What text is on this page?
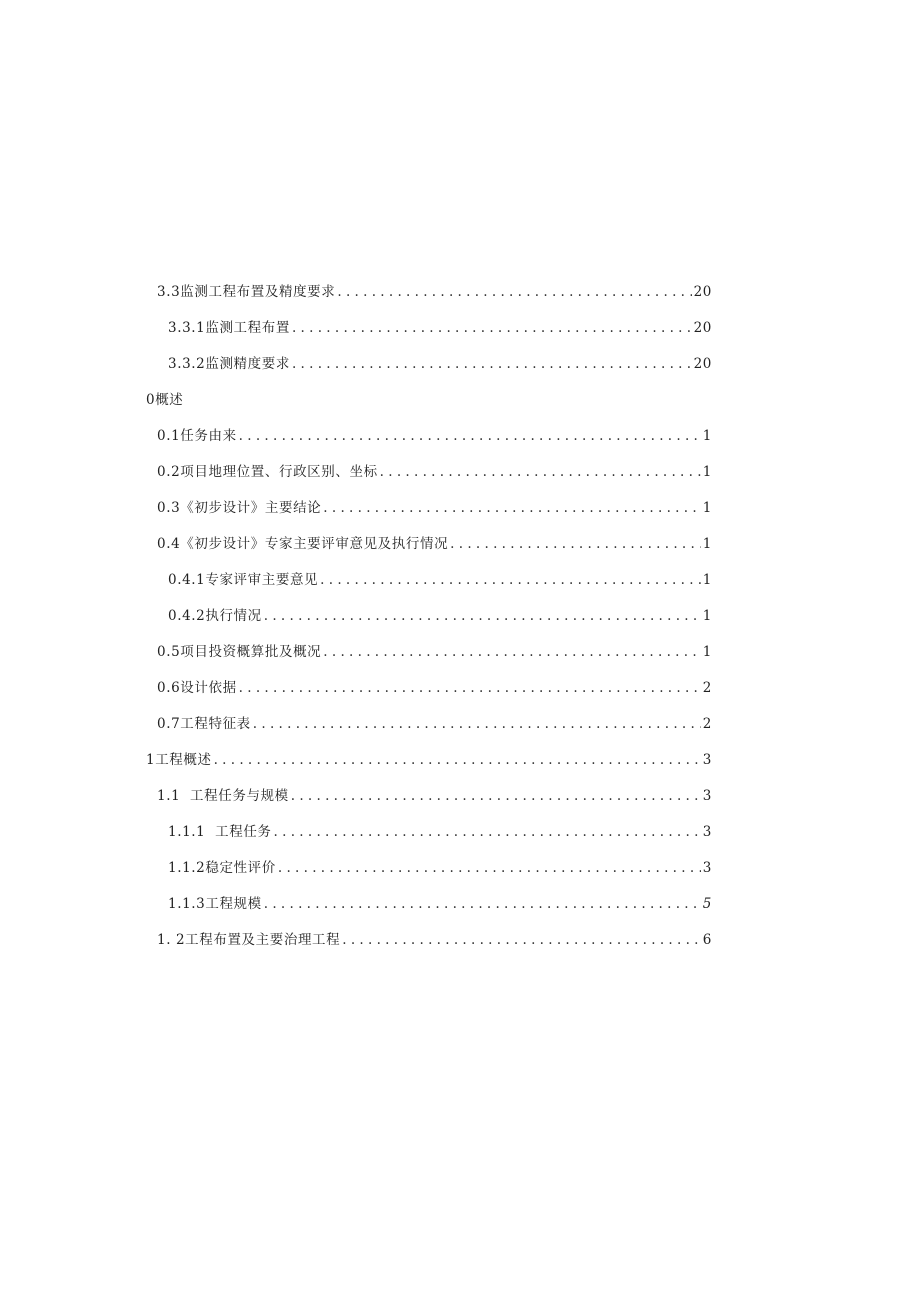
3.3监测工程布置及精度要求 . . .	20
3.3.1监测工程布置 . . .	20
3.3.2监测精度要求 . . .	20
0概述
0.1任务由来 . . .	1
0.2项目地理位置、行政区别、坐标 . . .	1
0.3《初步设计》主要结论 . . .	1
0.4《初步设计》专家主要评审意见及执行情况 . . .	1
0.4.1专家评审主要意见 . . .	1
0.4.2执行情况 . . .	1
0.5项目投资概算批及概况 . . .	1
0.6设计依据 . . .	2
0.7工程特征表 . . .	2
1工程概述 . . .	3
1.1  工程任务与规模 . . .	3
1.1.1  工程任务 . . .	3
1.1.2稳定性评价 . . .	3
1.1.3工程规模 . . .	5
1. 2工程布置及主要治理工程 . . .	6
